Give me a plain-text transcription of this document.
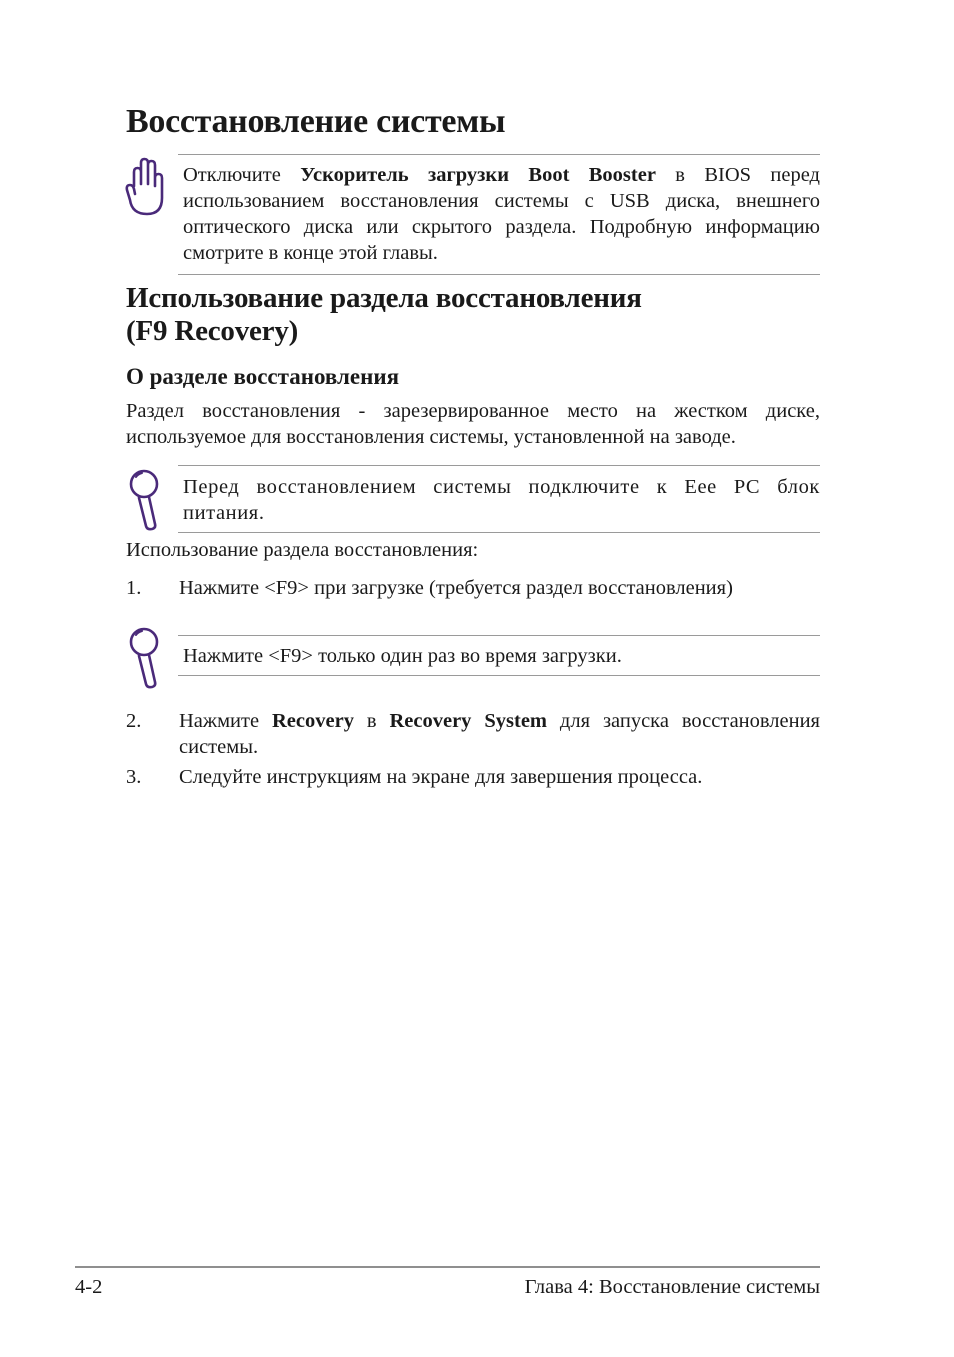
Восстановление системы
Отключите Ускоритель загрузки Boot Booster в BIOS перед использованием восстановления системы с USB диска, внешнего оптического диска или скрытого раздела. Подробную информацию смотрите в конце этой главы.
Использование раздела восстановления
(F9 Recovery)
О разделе восстановления
Раздел восстановления - зарезервированное место на жестком диске, используемое для восстановления системы, установленной на заводе.
Перед восстановлением системы подключите к Eee PC блок питания.
Использование раздела восстановления:
1. Нажмите <F9> при загрузке (требуется раздел восстановления)
Нажмите <F9> только один раз во время загрузки.
2. Нажмите Recovery в Recovery System для запуска восстановления системы.
3. Следуйте инструкциям на экране для завершения процесса.
4-2	Глава 4: Восстановление системы
